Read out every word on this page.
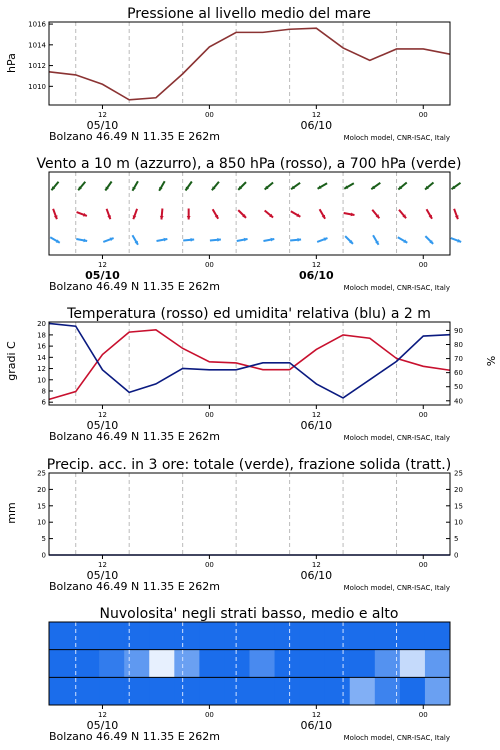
Pressione al livello medio del mare
hPa
1010
1012
1014
1016
12	00	12	00
05/10	06/10
Bolzano 46.49 N 11.35 E 262m	Moloch model, CNR-ISAC, Italy
Vento a 10 m (azzurro), a 850 hPa (rosso), a 700 hPa (verde)
12	00	12	00
05/10	06/10
Bolzano 46.49 N 11.35 E 262m	Moloch model, CNR-ISAC, Italy
Temperatura (rosso) ed umidita' relativa (blu) a 2 m
gradi C	%
6
8
10
12
14
16
18
20
40
50
60
70
80
90
12	00	12	00
05/10	06/10
Bolzano 46.49 N 11.35 E 262m	Moloch model, CNR-ISAC, Italy
Precip. acc. in 3 ore: totale (verde), frazione solida (tratt.)
mm
0
5
10
15
20
25
0
5
10
15
20
25
12	00	12	00
05/10	06/10
Bolzano 46.49 N 11.35 E 262m	Moloch model, CNR-ISAC, Italy
Nuvolosita' negli strati basso, medio e alto
12	00	12	00
05/10	06/10
Bolzano 46.49 N 11.35 E 262m	Moloch model, CNR-ISAC, Italy
